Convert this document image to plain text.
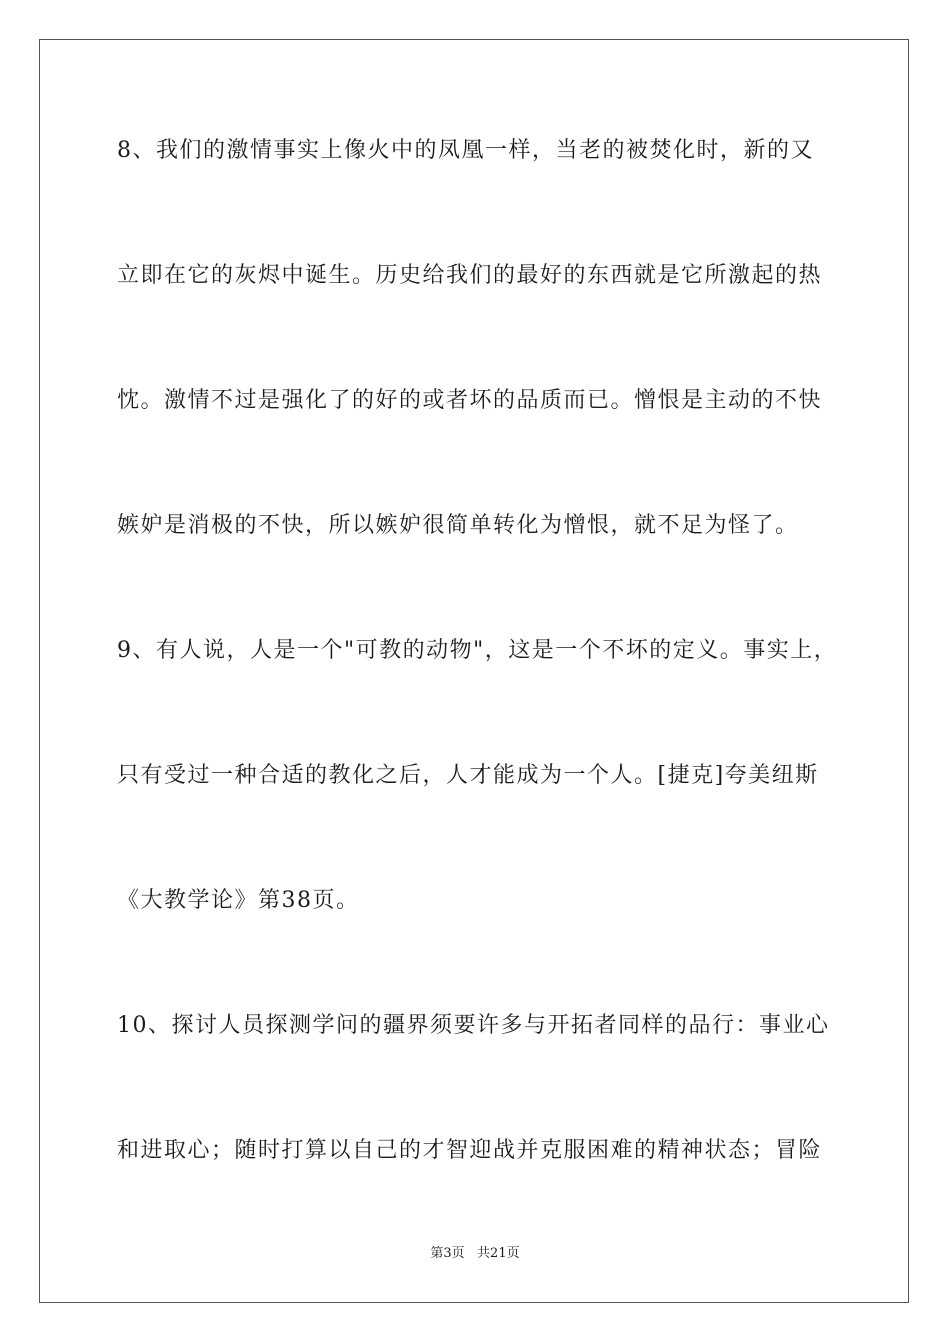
8、我们的激情事实上像火中的凤凰一样，当老的被焚化时，新的又
立即在它的灰烬中诞生。历史给我们的最好的东西就是它所激起的热
忱。激情不过是强化了的好的或者坏的品质而已。憎恨是主动的不快
嫉妒是消极的不快，所以嫉妒很简单转化为憎恨，就不足为怪了。
9、有人说，人是一个"可教的动物"，这是一个不坏的定义。事实上，
只有受过一种合适的教化之后，人才能成为一个人。[捷克]夸美纽斯
《大教学论》第38页。
10、探讨人员探测学问的疆界须要许多与开拓者同样的品行：事业心
和进取心；随时打算以自己的才智迎战并克服困难的精神状态；冒险
第3页   共21页
